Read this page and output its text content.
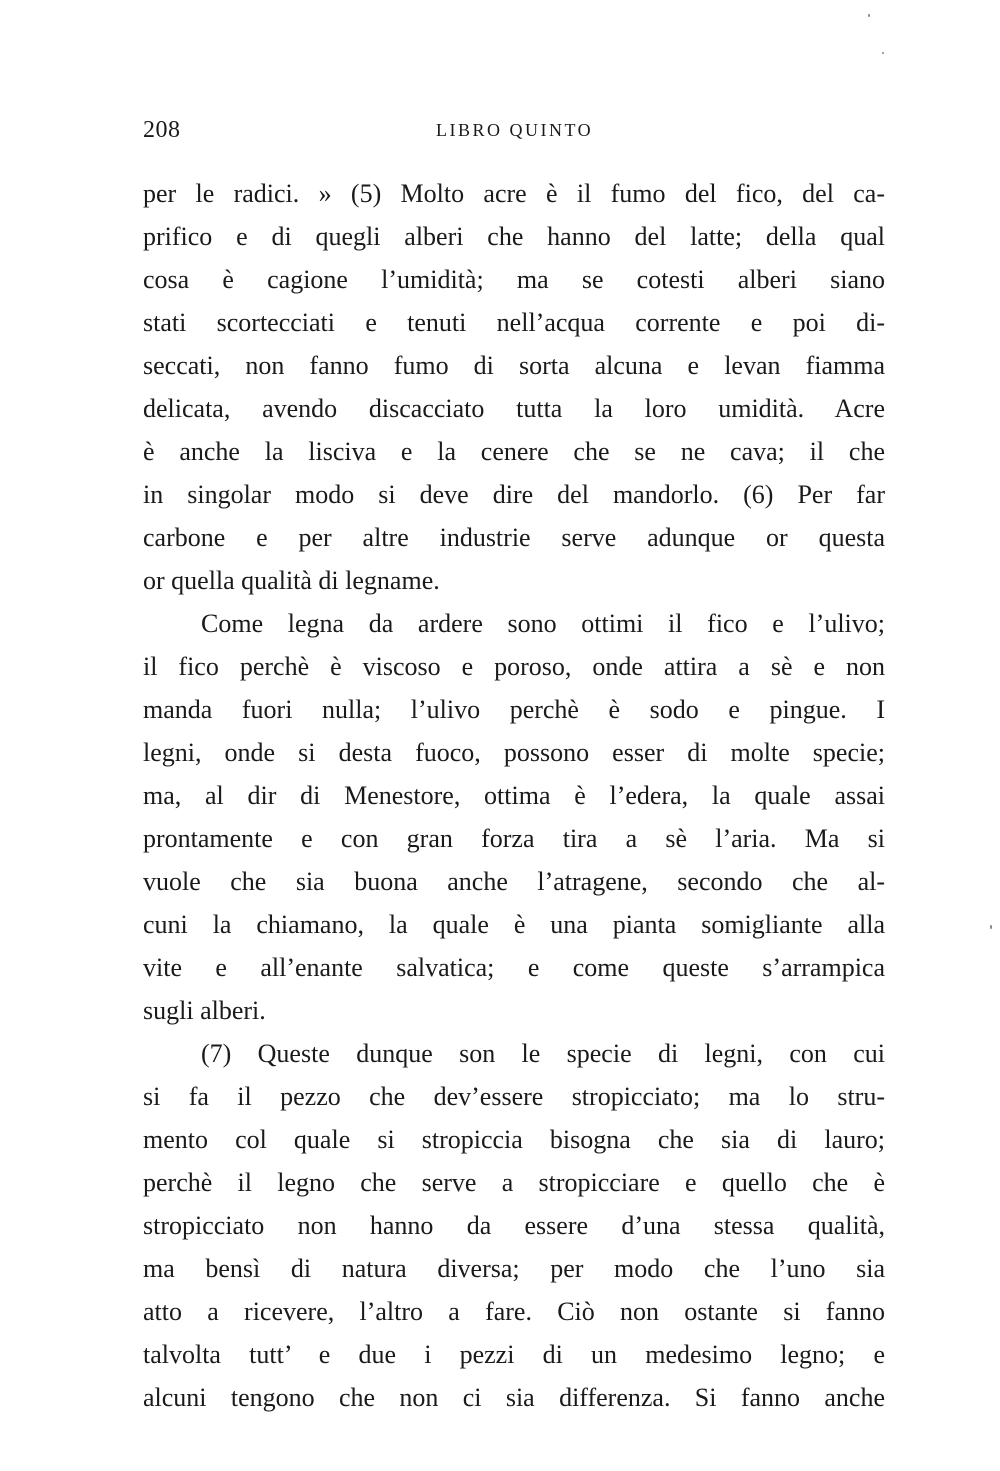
208	LIBRO QUINTO
per le radici. » (5) Molto acre è il fumo del fico, del ca-
prifico e di quegli alberi che hanno del latte; della qual
cosa è cagione l’umidità; ma se cotesti alberi siano
stati scortecciati e tenuti nell’acqua corrente e poi di-
seccati, non fanno fumo di sorta alcuna e levan fiamma
delicata, avendo discacciato tutta la loro umidità. Acre
è anche la lisciva e la cenere che se ne cava; il che
in singolar modo si deve dire del mandorlo. (6) Per far
carbone e per altre industrie serve adunque or questa
or quella qualità di legname.
Come legna da ardere sono ottimi il fico e l’ulivo;
il fico perchè è viscoso e poroso, onde attira a sè e non
manda fuori nulla; l’ulivo perchè è sodo e pingue. I
legni, onde si desta fuoco, possono esser di molte specie;
ma, al dir di Menestore, ottima è l’edera, la quale assai
prontamente e con gran forza tira a sè l’aria. Ma si
vuole che sia buona anche l’atragene, secondo che al-
cuni la chiamano, la quale è una pianta somigliante alla
vite e all’enante salvatica; e come queste s’arrampica
sugli alberi.
(7) Queste dunque son le specie di legni, con cui
si fa il pezzo che dev’essere stropicciato; ma lo stru-
mento col quale si stropiccia bisogna che sia di lauro;
perchè il legno che serve a stropicciare e quello che è
stropicciato non hanno da essere d’una stessa qualità,
ma bensì di natura diversa; per modo che l’uno sia
atto a ricevere, l’altro a fare. Ciò non ostante si fanno
talvolta tutt’ e due i pezzi di un medesimo legno; e
alcuni tengono che non ci sia differenza. Si fanno anche
